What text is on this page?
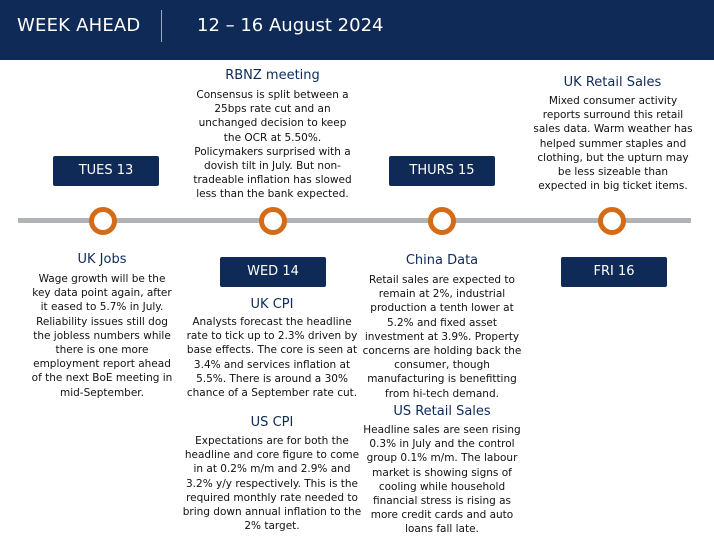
WEEK AHEAD	12 – 16 August 2024
RBNZ meeting
Consensus is split between a 25bps rate cut and an unchanged decision to keep the OCR at 5.50%. Policymakers surprised with a dovish tilt in July. But non-tradeable inflation has slowed less than the bank expected.
UK Retail Sales
Mixed consumer activity reports surround this retail sales data. Warm weather has helped summer staples and clothing, but the upturn may be less sizeable than expected in big ticket items.
TUES 13	THURS 15
WED 14	FRI 16
UK Jobs
Wage growth will be the key data point again, after it eased to 5.7% in July. Reliability issues still dog the jobless numbers while there is one more employment report ahead of the next BoE meeting in mid-September.
UK CPI
Analysts forecast the headline rate to tick up to 2.3% driven by base effects. The core is seen at 3.4% and services inflation at 5.5%. There is around a 30% chance of a September rate cut.
US CPI
Expectations are for both the headline and core figure to come in at 0.2% m/m and 2.9% and 3.2% y/y respectively. This is the required monthly rate needed to bring down annual inflation to the 2% target.
China Data
Retail sales are expected to remain at 2%, industrial production a tenth lower at 5.2% and fixed asset investment at 3.9%. Property concerns are holding back the consumer, though manufacturing is benefitting from hi-tech demand.
US Retail Sales
Headline sales are seen rising 0.3% in July and the control group 0.1% m/m. The labour market is showing signs of cooling while household financial stress is rising as more credit cards and auto loans fall late.
